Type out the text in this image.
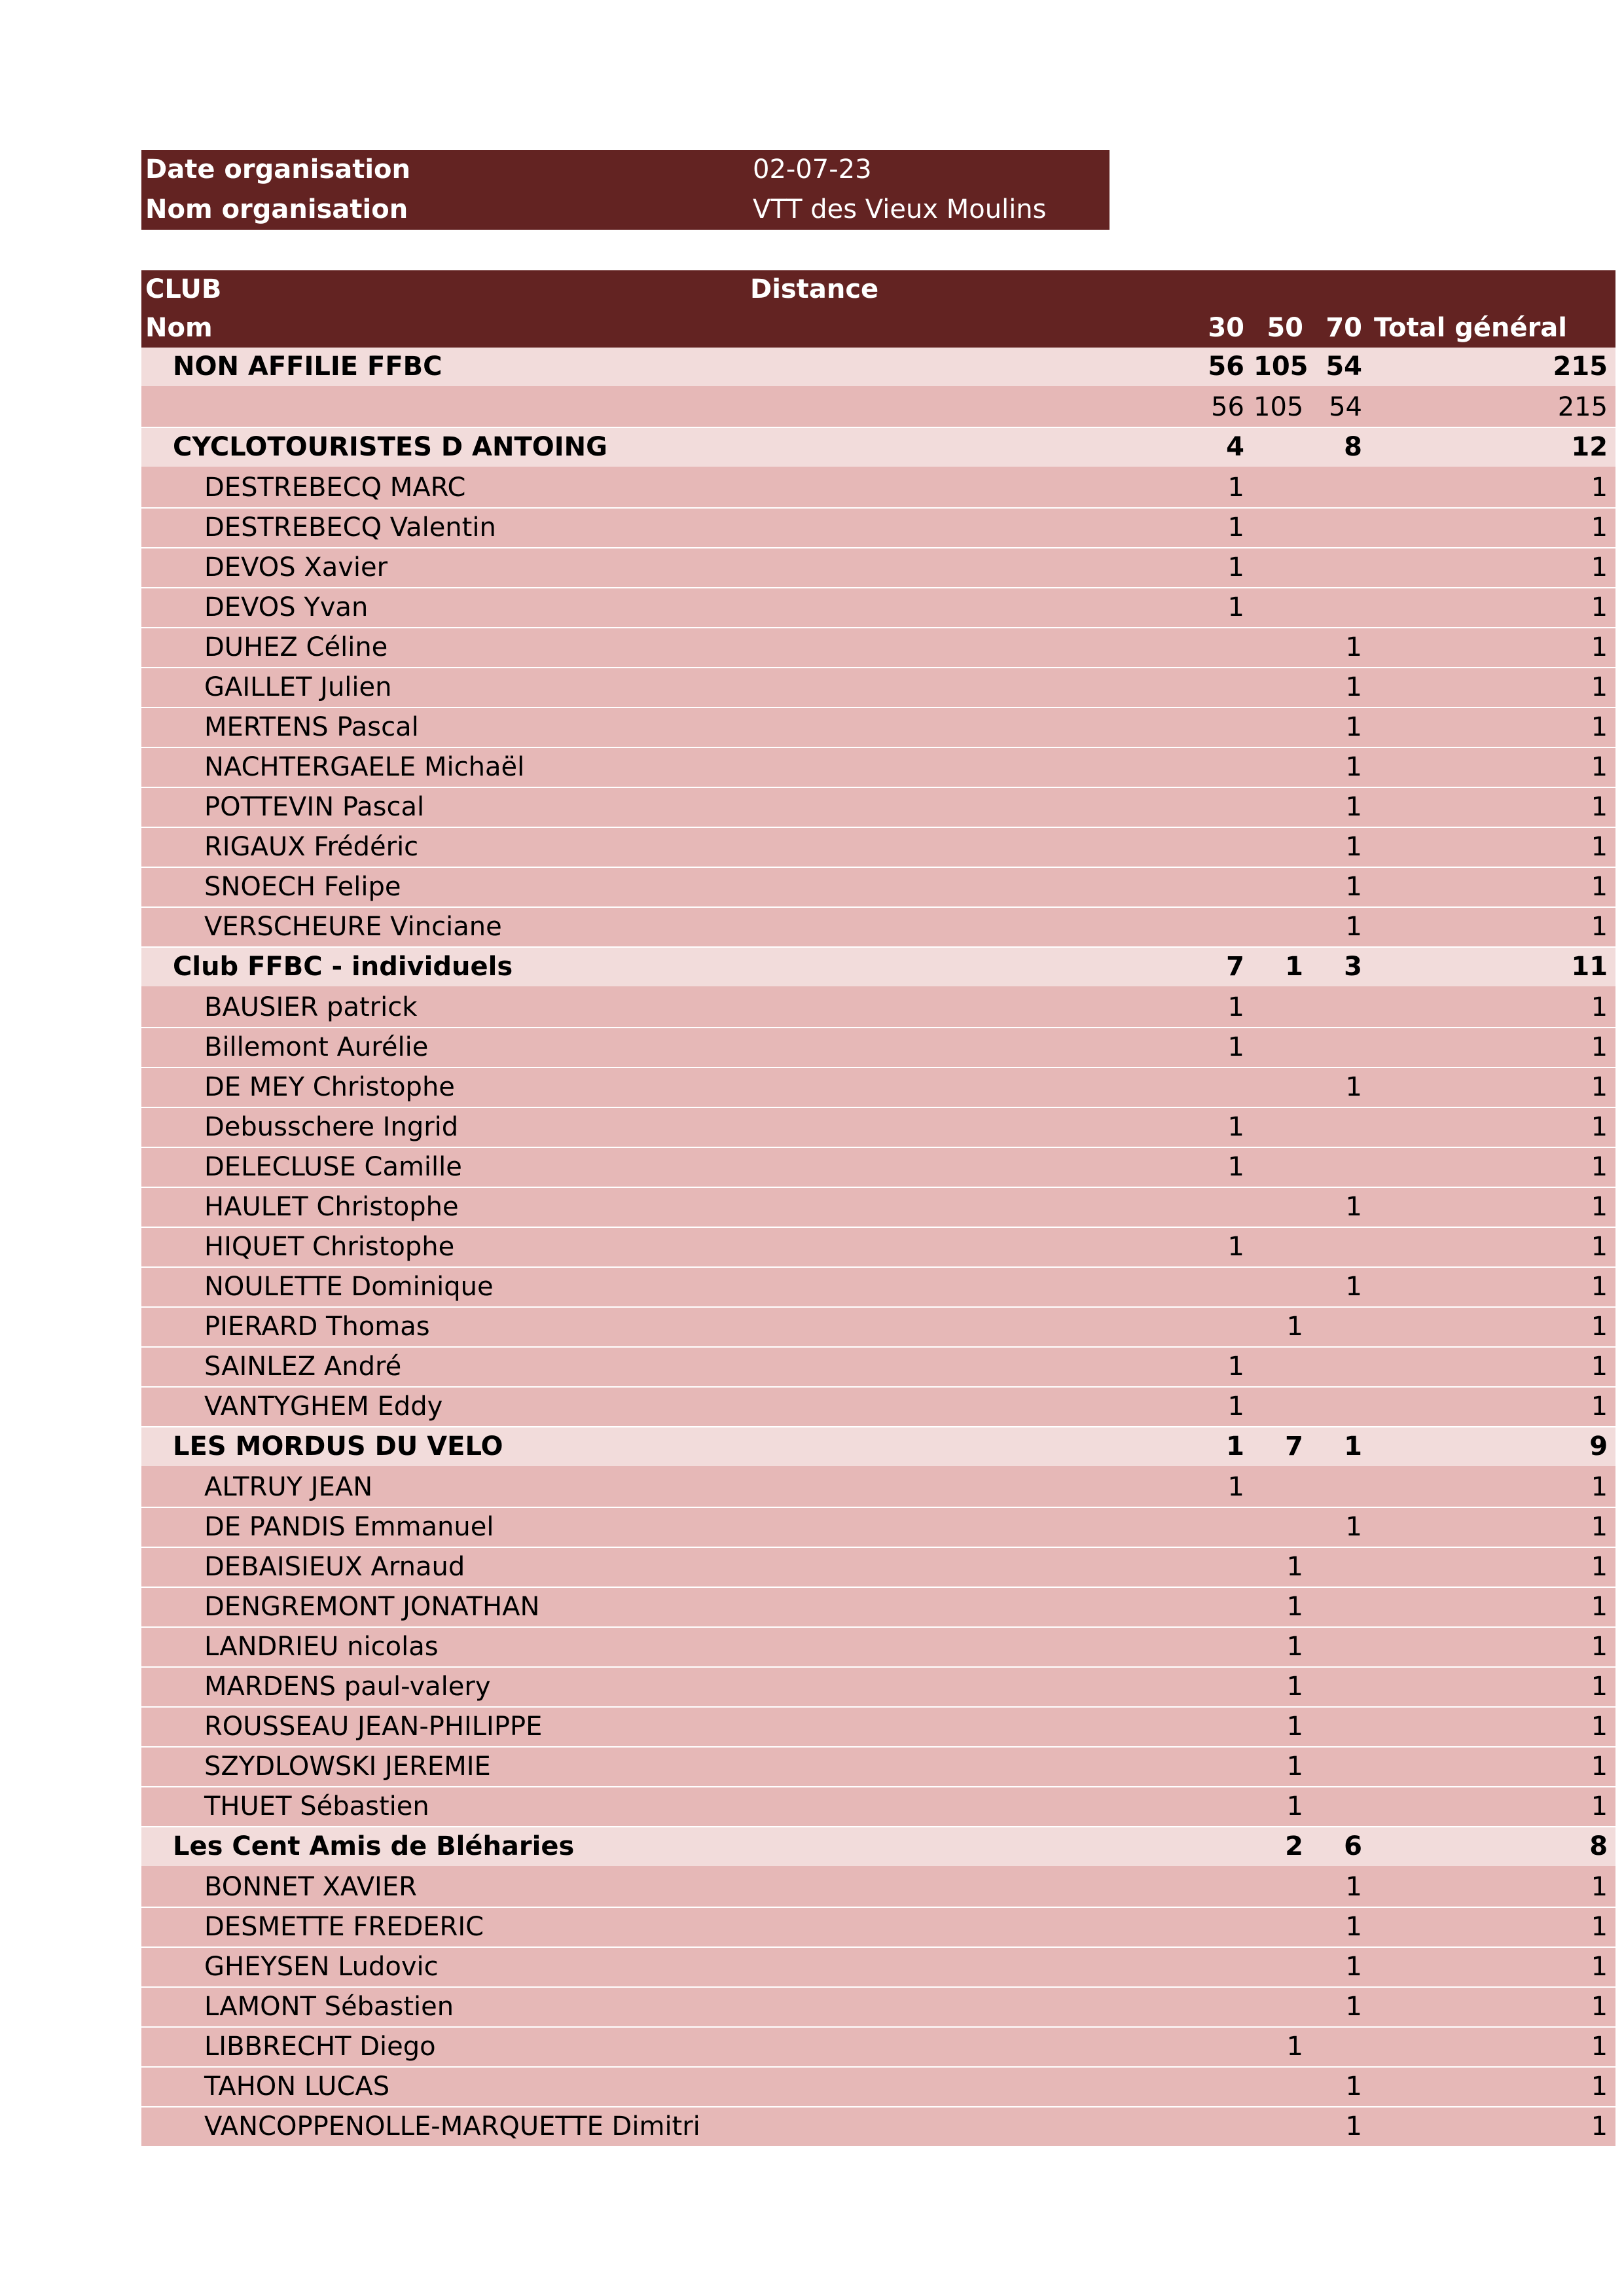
Date organisation	02-07-23
Nom organisation	VTT des Vieux Moulins
CLUB	Distance				
Nom		30	50	70	Total général
NON AFFILIE FFBC		56	105	54	215
		56	105	54	215
CYCLOTOURISTES D ANTOING		4		8	12
DESTREBECQ MARC		1			1
DESTREBECQ Valentin		1			1
DEVOS Xavier		1			1
DEVOS Yvan		1			1
DUHEZ Céline				1	1
GAILLET Julien				1	1
MERTENS Pascal				1	1
NACHTERGAELE Michaël				1	1
POTTEVIN Pascal				1	1
RIGAUX Frédéric				1	1
SNOECH Felipe				1	1
VERSCHEURE Vinciane				1	1
Club FFBC - individuels		7	1	3	11
BAUSIER patrick		1			1
Billemont Aurélie		1			1
DE MEY Christophe				1	1
Debusschere Ingrid		1			1
DELECLUSE Camille		1			1
HAULET Christophe				1	1
HIQUET Christophe		1			1
NOULETTE Dominique				1	1
PIERARD Thomas			1		1
SAINLEZ André		1			1
VANTYGHEM Eddy		1			1
LES MORDUS DU VELO		1	7	1	9
ALTRUY JEAN		1			1
DE PANDIS Emmanuel				1	1
DEBAISIEUX Arnaud			1		1
DENGREMONT JONATHAN			1		1
LANDRIEU nicolas			1		1
MARDENS paul-valery			1		1
ROUSSEAU JEAN-PHILIPPE			1		1
SZYDLOWSKI JEREMIE			1		1
THUET Sébastien			1		1
Les Cent Amis de Bléharies			2	6	8
BONNET XAVIER				1	1
DESMETTE FREDERIC				1	1
GHEYSEN Ludovic				1	1
LAMONT Sébastien				1	1
LIBBRECHT Diego			1		1
TAHON LUCAS				1	1
VANCOPPENOLLE-MARQUETTE Dimitri				1	1
